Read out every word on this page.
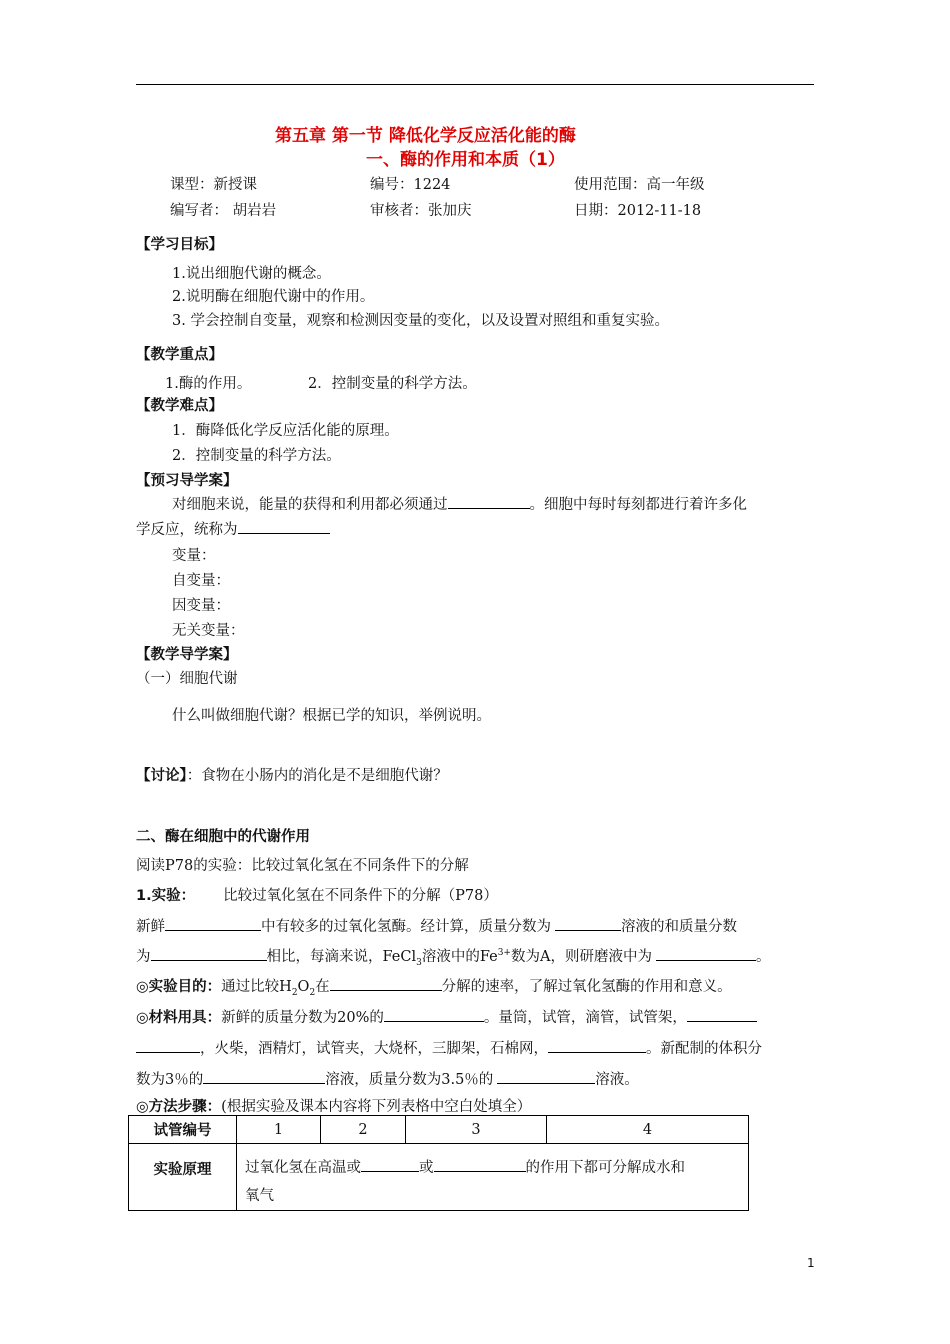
第五章 第一节 降低化学反应活化能的酶
一、酶的作用和本质（1）
课型：新授课	编号：1224	使用范围：高一年级
编写者： 胡岩岩	审核者：张加庆	日期：2012-11-18
【学习目标】
1.说出细胞代谢的概念。
2.说明酶在细胞代谢中的作用。
3. 学会控制自变量，观察和检测因变量的变化，以及设置对照组和重复实验。
【教学重点】
1.酶的作用。	2．控制变量的科学方法。
【教学难点】
1．酶降低化学反应活化能的原理。
2．控制变量的科学方法。
【预习导学案】
对细胞来说，能量的获得和利用都必须通过	。细胞中每时每刻都进行着许多化
学反应，统称为
变量：
自变量：
因变量：
无关变量：
【教学导学案】
（一）细胞代谢
什么叫做细胞代谢？根据已学的知识，举例说明。
【讨论】：食物在小肠内的消化是不是细胞代谢？
二、酶在细胞中的代谢作用
阅读P78的实验：比较过氧化氢在不同条件下的分解
1.实验： 比较过氧化氢在不同条件下的分解（P78）
新鲜	中有较多的过氧化氢酶。经计算，质量分数为	溶液的和质量分数
为	相比，每滴来说，FeCl$_3$溶液中的$Fe^{3+}$数为A，则研磨液中为	。
◎实验目的：通过比较$H_2O_2$在	分解的速率，了解过氧化氢酶的作用和意义。
◎材料用具：新鲜的质量分数为20%的	。量筒，试管，滴管，试管架，
，火柴，酒精灯，试管夹，大烧杯，三脚架，石棉网，	。新配制的体积分
数为3％的	溶液，质量分数为3.5％的	溶液。
◎方法步骤：(根据实验及课本内容将下列表格中空白处填全）
试管编号	1	2	3	4
实验原理	过氧化氢在高温或 或 的作用下都可分解成水和
氧气			
1
